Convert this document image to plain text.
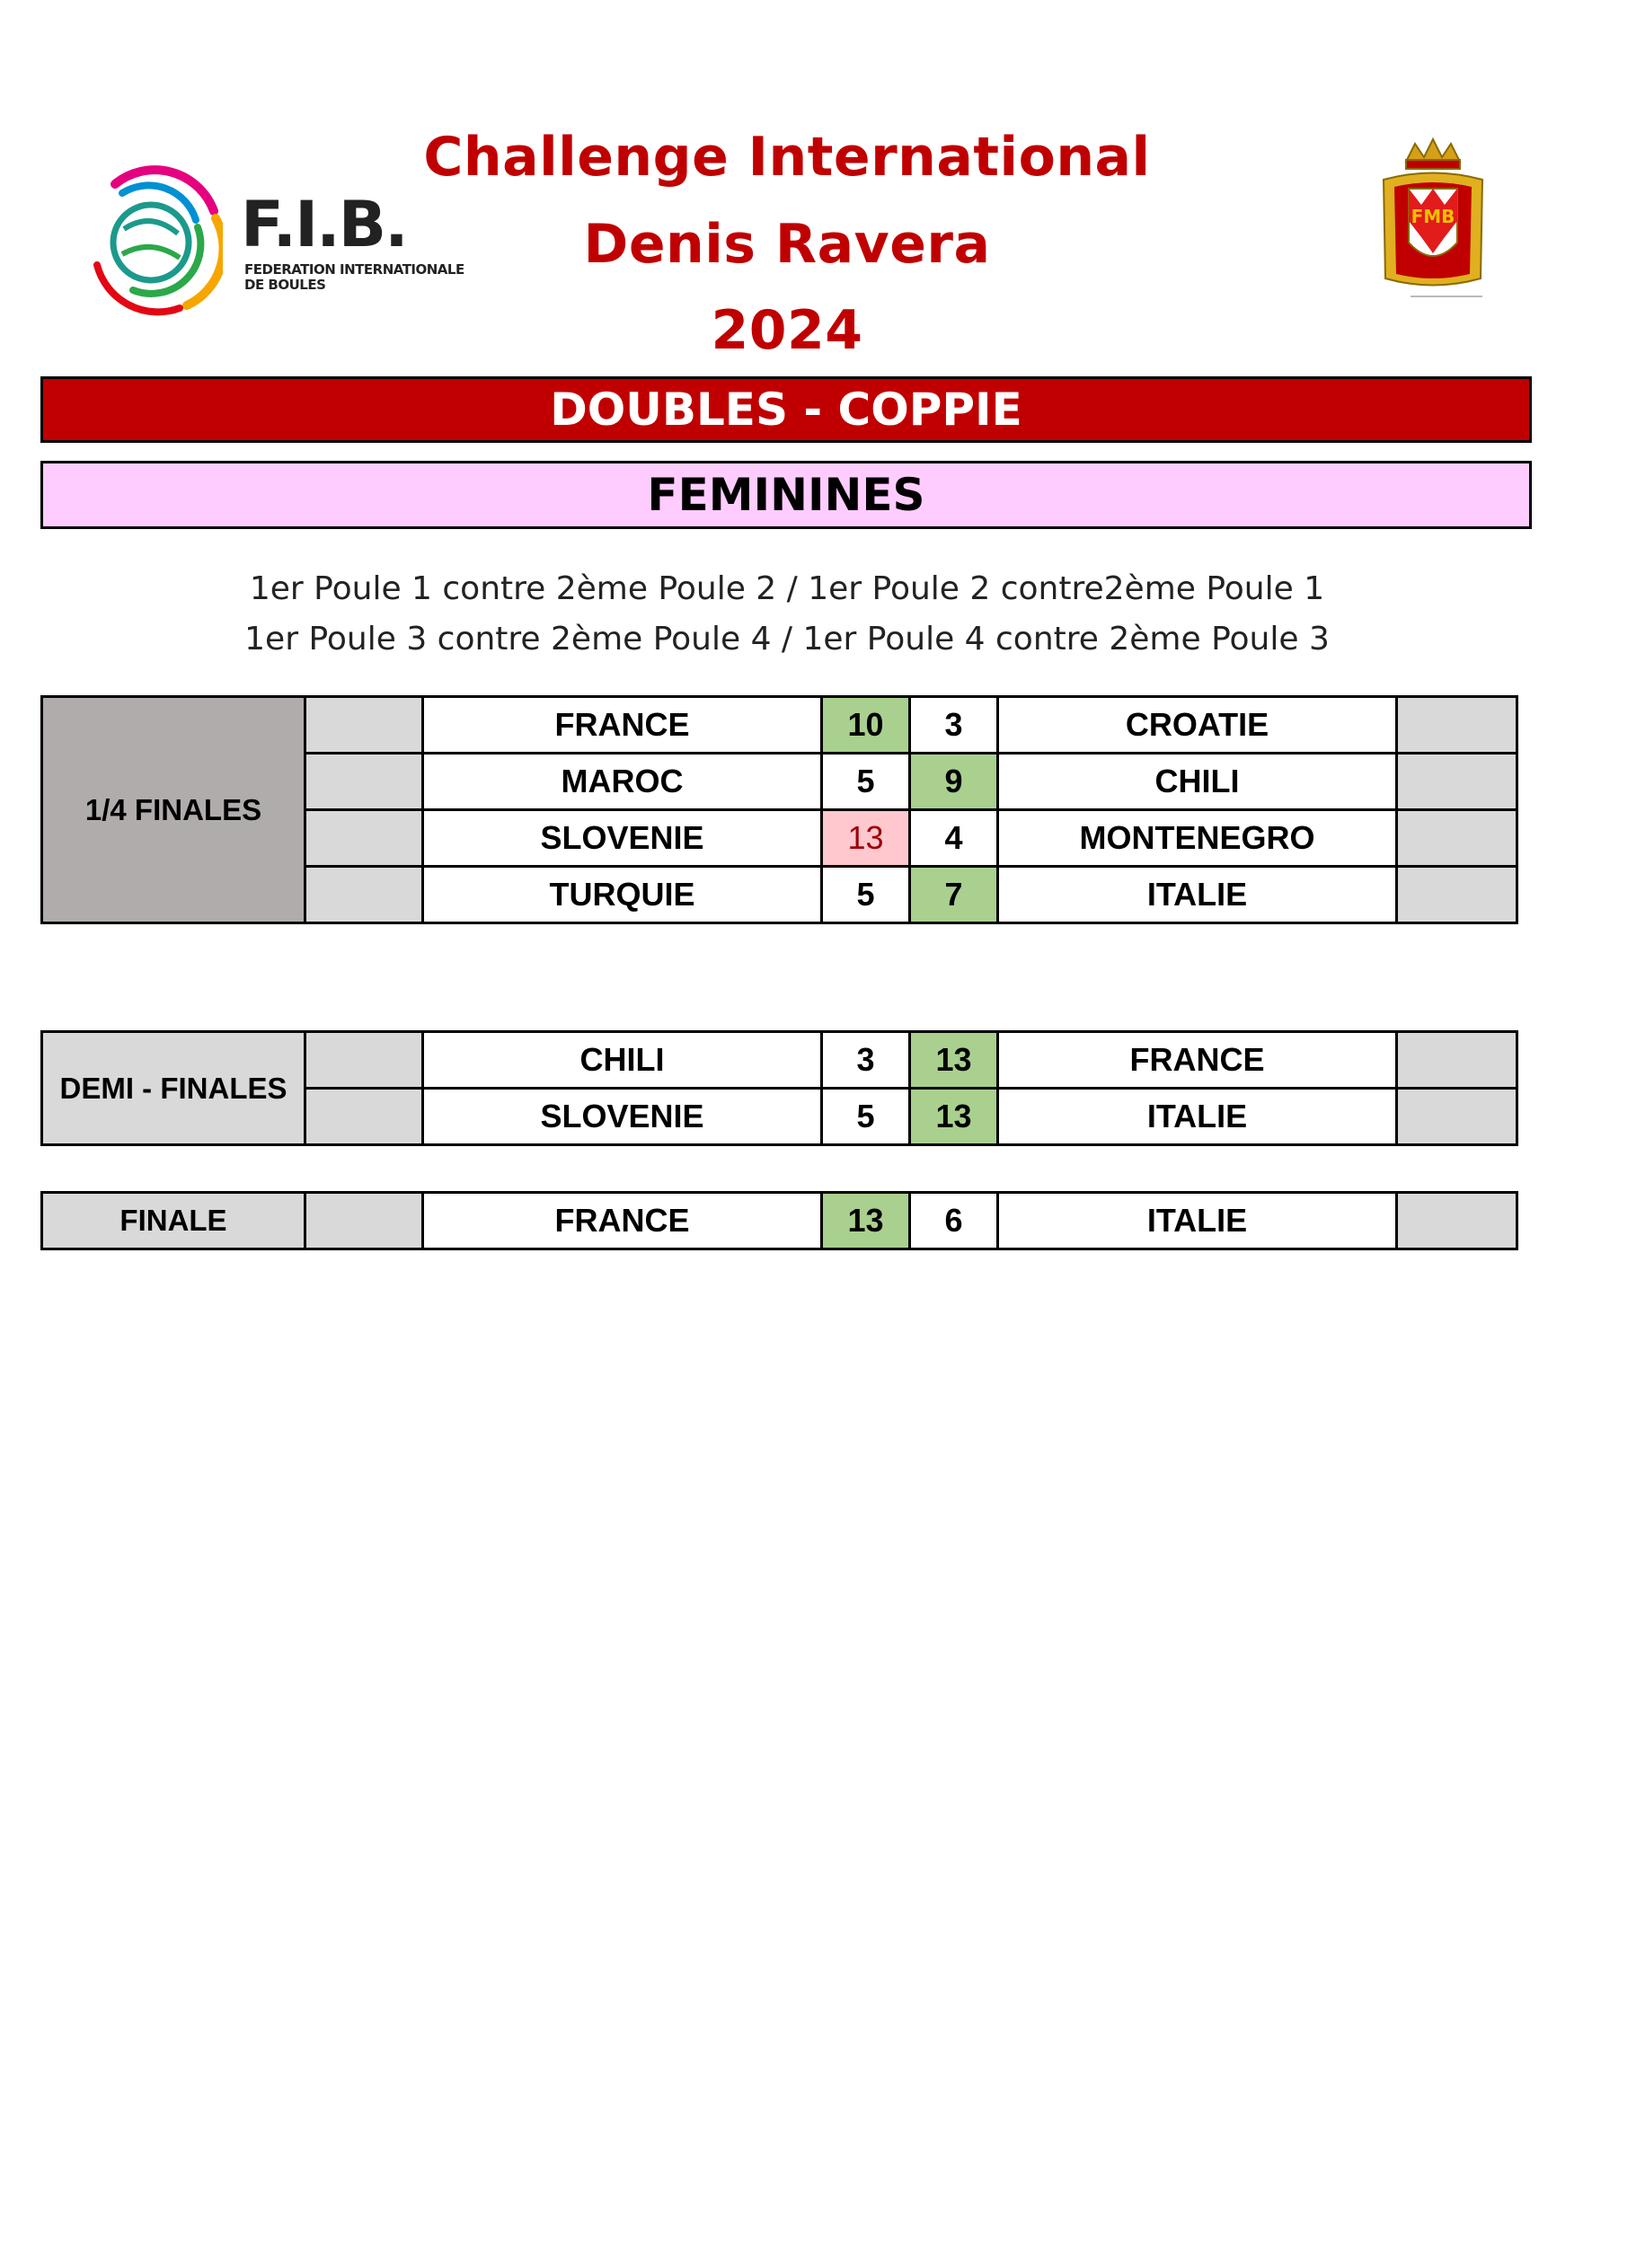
Challenge International
Denis Ravera
2024
F.I.B.
FEDERATION INTERNATIONALE
DE BOULES
FMB
DOUBLES - COPPIE
FEMININES
1er Poule 1 contre 2ème Poule 2 / 1er Poule 2 contre2ème Poule 1
1er Poule 3 contre 2ème Poule 4 / 1er Poule 4 contre 2ème Poule 3
1/4 FINALES		FRANCE	10	3	CROATIE	
		MAROC	5	9	CHILI	
		SLOVENIE	13	4	MONTENEGRO	
		TURQUIE	5	7	ITALIE	
DEMI - FINALES		CHILI	3	13	FRANCE	
		SLOVENIE	5	13	ITALIE	
FINALE		FRANCE	13	6	ITALIE	
